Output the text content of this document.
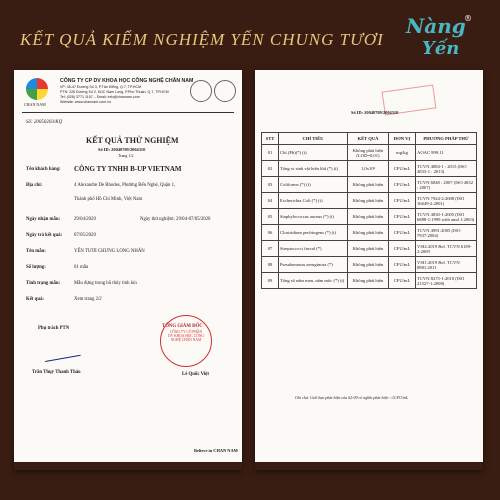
KẾT QUẢ KIỂM NGHIỆM YẾN CHUNG TƯƠI
Nàng
Yến
®
CHAN NAM
CÔNG TY CP DV KHOA HỌC CÔNG NGHỆ CHÂN NAM
VP: 45-47 Đường Số 3, P.Tân Kiểng, Q.7, TP.HCM
PTN: 226 Đường Số 2, KDC Nam Long, P.Phú Thuận, Q.7, TP.HCM
Tel: (028) 3771 1157 – Email: info@channam.com
Website: www.channam.com.vn
Số: 20050203/KQ
KẾT QUẢ THỬ NGHIỆM
Số ID: 20040709/2004310
Trang 1/2
Tên khách hàng: CÔNG TY TNHH B-UP VIETNAM
Địa chỉ:	4 Alexandre De Rhodes, Phường Bến Nghé, Quận 1,
Thành phố Hồ Chí Minh, Việt Nam
Ngày nhận mẫu:	29/04/2020	Ngày thử nghiệm: 29/04-07/05/2020
Ngày trả kết quả: 07/05/2020
Tên mẫu:	YẾN TƯƠI CHƯNG LONG NHÃN
Số lượng:	01 mẫu
Tình trạng mẫu:	Mẫu đựng trong hũ thủy tinh kín
Kết quả:	Xem trang 2/2
Phụ trách PTN	TỔNG GIÁM ĐỐC
CÔNG TY CỔ PHẦN DV KHOA HỌC CÔNG NGHỆ CHÂN NAM
Trần Thụy Thanh Thảo	Lê Quốc Việt
Believe in CHAN NAM
Số ID: 20040709/2004310
STT	CHỈ TIÊU	KẾT QUẢ	ĐƠN VỊ	PHƯƠNG PHÁP THỬ
01	Chì (Pb)(*) (t)	Không phát hiện (LOD=0,01)	mg/kg	AOAC 999.11
02	Tổng vi sinh vật hiếu khí (*) (t)	1,0x10²	CFU/mL	TCVN 4884-1 : 2015 (ISO 4833-1 : 2013)
03	Coliforms (*) (t)	Không phát hiện	CFU/mL	TCVN 6848 : 2007 (ISO 4832 : 2007)
04	Escherichia Coli (*) (t)	Không phát hiện	CFU/mL	TCVN 7924-2:2008 (ISO 16649-2:2001)
05	Staphylococcus aureus (*) (t)	Không phát hiện	CFU/mL	TCVN 4830-1:2005 (ISO 6888-1:1999 with amd 1:2003)
06	Clostridium perfringens (*) (t)	Không phát hiện	CFU/mL	TCVN 4991:2005 (ISO 7937:2004)
07	Streptococci faecal (*)	Không phát hiện	CFU/mL	VSI2:2019 Ref. TCVN 6189-2:2009
08	Pseudomonas aeruginosa (*)	Không phát hiện	CFU/mL	VSI1:2019 Ref. TCVN 8881:2011
09	Tổng số nấm men, nấm mốc (*) (t)	Không phát hiện	CFU/mL	TCVN 8275-1:2010 (ISO 21527-1:2008)
Ghi chú: Giới hạn phát hiện của 02-09 có nghĩa phát hiện <1CFU/mL
